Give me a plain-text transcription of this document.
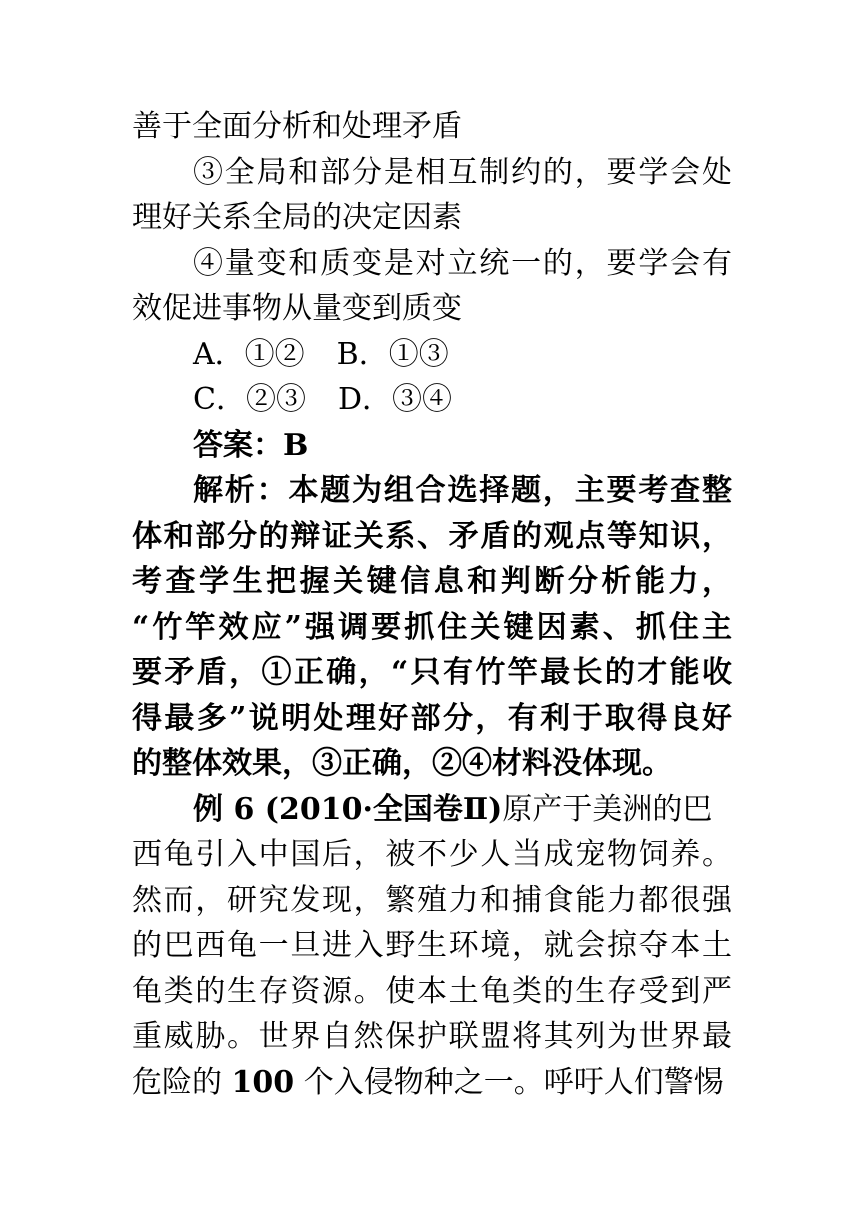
善于全面分析和处理矛盾
③全局和部分是相互制约的，要学会处
理好关系全局的决定因素
④量变和质变是对立统一的，要学会有
效促进事物从量变到质变
A．①② B．①③
C．②③ D．③④
答案：B
解析：本题为组合选择题，主要考查整
体和部分的辩证关系、矛盾的观点等知识，
考查学生把握关键信息和判断分析能力，
“竹竿效应”强调要抓住关键因素、抓住主
要矛盾，①正确，“只有竹竿最长的才能收
得最多”说明处理好部分，有利于取得良好
的整体效果，③正确，②④材料没体现。
例 6 (2010·全国卷Ⅱ)原产于美洲的巴
西龟引入中国后，被不少人当成宠物饲养。
然而，研究发现，繁殖力和捕食能力都很强
的巴西龟一旦进入野生环境，就会掠夺本土
龟类的生存资源。使本土龟类的生存受到严
重威胁。世界自然保护联盟将其列为世界最
危险的 100 个入侵物种之一。呼吁人们警惕
